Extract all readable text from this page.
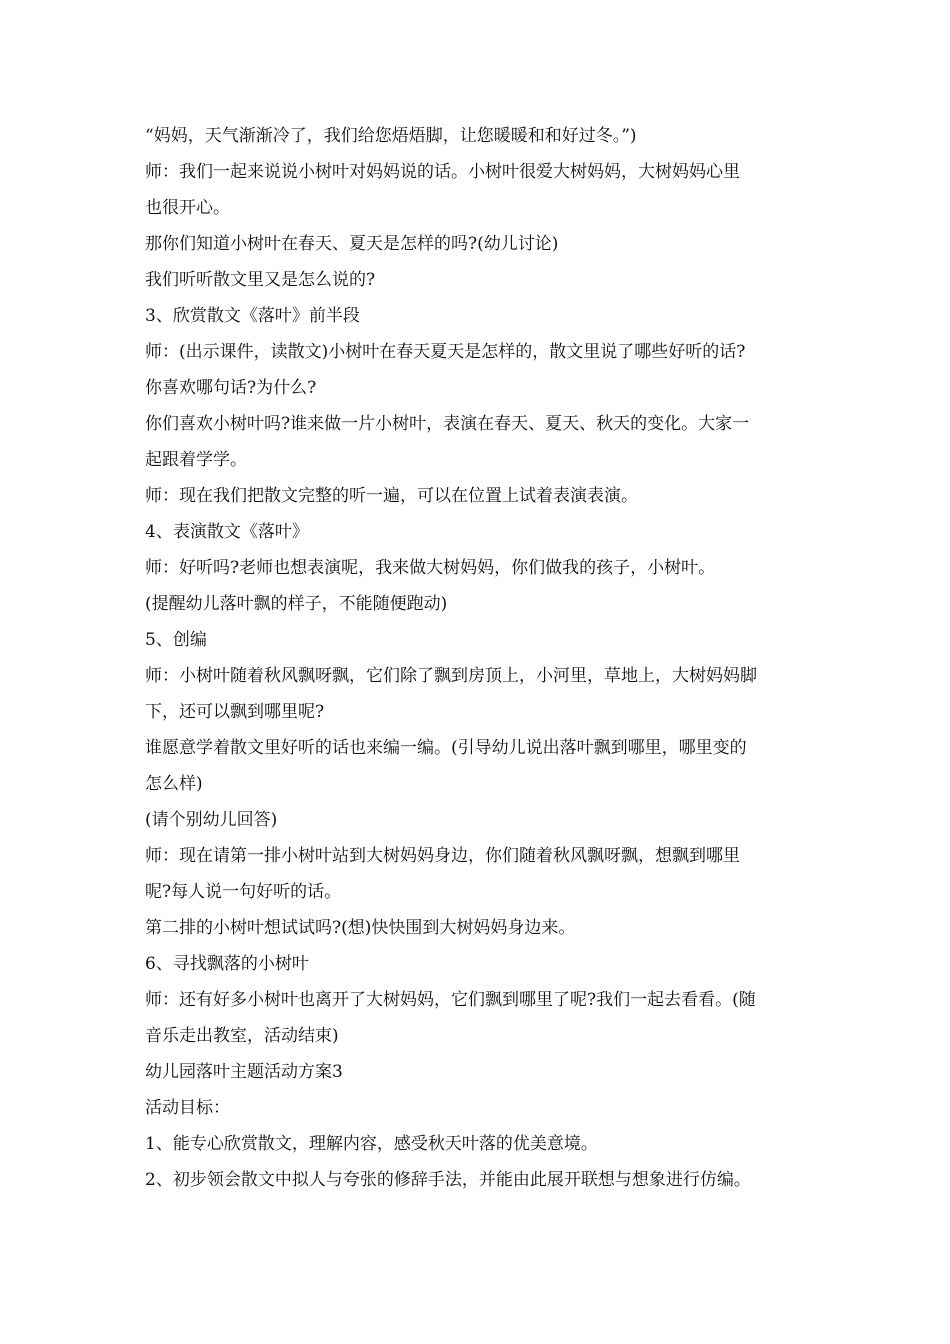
“妈妈，天气渐渐冷了，我们给您焐焐脚，让您暖暖和和好过冬。”)

师：我们一起来说说小树叶对妈妈说的话。小树叶很爱大树妈妈，大树妈妈心里

也很开心。

那你们知道小树叶在春天、夏天是怎样的吗?(幼儿讨论)

我们听听散文里又是怎么说的?

3、欣赏散文《落叶》前半段

师：(出示课件，读散文)小树叶在春天夏天是怎样的，散文里说了哪些好听的话?

你喜欢哪句话?为什么?

你们喜欢小树叶吗?谁来做一片小树叶，表演在春天、夏天、秋天的变化。大家一

起跟着学学。

师：现在我们把散文完整的听一遍，可以在位置上试着表演表演。

4、表演散文《落叶》

师：好听吗?老师也想表演呢，我来做大树妈妈，你们做我的孩子，小树叶。

(提醒幼儿落叶飘的样子，不能随便跑动)

5、创编

师：小树叶随着秋风飘呀飘，它们除了飘到房顶上，小河里，草地上，大树妈妈脚

下，还可以飘到哪里呢?

谁愿意学着散文里好听的话也来编一编。(引导幼儿说出落叶飘到哪里，哪里变的

怎么样)

(请个别幼儿回答)

师：现在请第一排小树叶站到大树妈妈身边，你们随着秋风飘呀飘，想飘到哪里

呢?每人说一句好听的话。

第二排的小树叶想试试吗?(想)快快围到大树妈妈身边来。

6、寻找飘落的小树叶

师：还有好多小树叶也离开了大树妈妈，它们飘到哪里了呢?我们一起去看看。(随

音乐走出教室，活动结束)

幼儿园落叶主题活动方案3

活动目标：

1、能专心欣赏散文，理解内容，感受秋天叶落的优美意境。

2、初步领会散文中拟人与夸张的修辞手法，并能由此展开联想与想象进行仿编。
